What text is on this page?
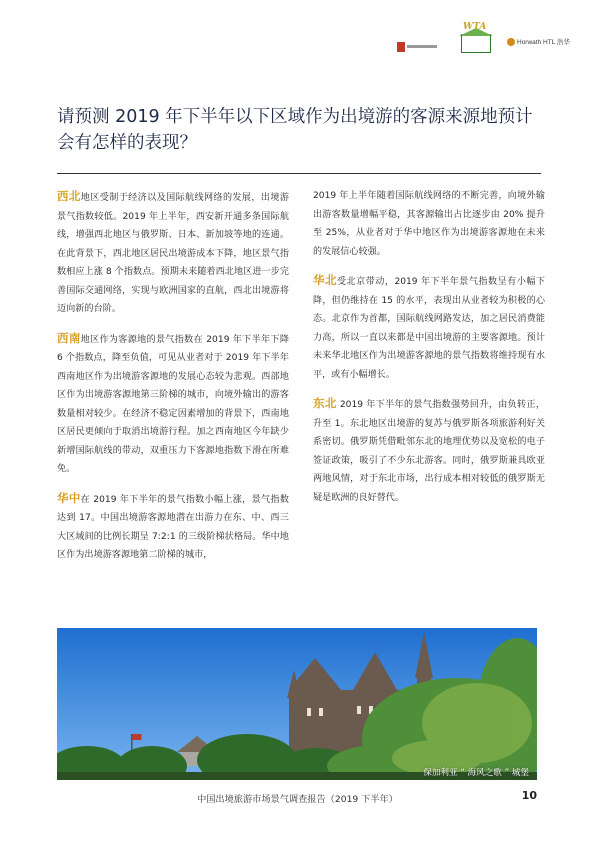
WTA
Horwath HTL 浩华
请预测 2019 年下半年以下区域作为出境游的客源来源地预计会有怎样的表现？

西北地区受制于经济以及国际航线网络的发展，出境游景气指数较低。2019 年上半年，西安新开通多条国际航线，增强西北地区与俄罗斯、日本、新加坡等地的连通。在此背景下，西北地区居民出境游成本下降，地区景气指数相应上涨 8 个指数点。预期未来随着西北地区进一步完善国际交通网络，实现与欧洲国家的直航，西北出境游将迈向新的台阶。

西南地区作为客源地的景气指数在 2019 年下半年下降 6 个指数点，降至负值，可见从业者对于 2019 年下半年西南地区作为出境游客源地的发展心态较为悲观。西部地区作为出境游客源地第三阶梯的城市，向境外输出的游客数量相对较少。在经济不稳定因素增加的背景下，西南地区居民更倾向于取消出境游行程。加之西南地区今年缺少新增国际航线的带动，双重压力下客源地指数下滑在所难免。

华中在 2019 年下半年的景气指数小幅上涨，景气指数达到 17。中国出境游客源地潜在出游力在东、中、西三大区域间的比例长期呈 7:2:1 的三级阶梯状格局。华中地区作为出境游客源地第二阶梯的城市，

2019 年上半年随着国际航线网络的不断完善，向境外输出游客数量增幅平稳，其客源输出占比逐步由 20% 提升至 25%，从业者对于华中地区作为出境游客源地在未来的发展信心较强。

华北受北京带动，2019 年下半年景气指数呈有小幅下降，但仍维持在 15 的水平，表现出从业者较为积极的心态。北京作为首都，国际航线网路发达，加之居民消费能力高，所以一直以来都是中国出境游的主要客源地。预计未来华北地区作为出境游客源地的景气指数将维持现有水平，或有小幅增长。

东北 2019 年下半年的景气指数强势回升，由负转正，升至 1。东北地区出境游的复苏与俄罗斯各项旅游利好关系密切。俄罗斯凭借毗邻东北的地理优势以及宽松的电子签证政策，吸引了不少东北游客。同时，俄罗斯兼具欧亚两地风情，对于东北市场，出行成本相对较低的俄罗斯无疑是欧洲的良好替代。

保加利亚 “ 海风之歌 ” 城堡
中国出境旅游市场景气调查报告（2019 下半年）	10
